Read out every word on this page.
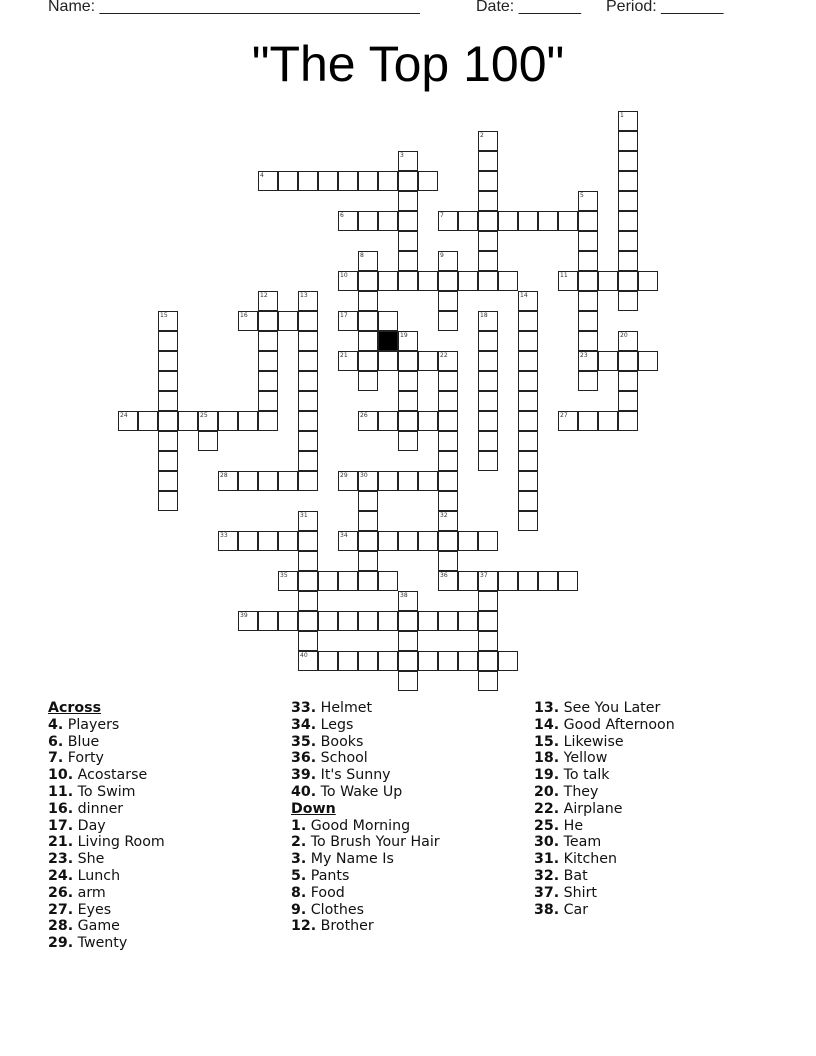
Name: ____________________________________	Date: _______ Period: _______
"The Top 100"
1
2
3
4
5
6	7
8	9
10	11
12	13	14
15	16	17	18
19	20
21	22	23
24	25	26	27
28	29 30
31	32
33	34
35	36	37
38
39
40
Across
4. Players
6. Blue
7. Forty
10. Acostarse
11. To Swim
16. dinner
17. Day
21. Living Room
23. She
24. Lunch
26. arm
27. Eyes
28. Game
29. Twenty
33. Helmet
34. Legs
35. Books
36. School
39. It's Sunny
40. To Wake Up
Down
1. Good Morning
2. To Brush Your Hair
3. My Name Is
5. Pants
8. Food
9. Clothes
12. Brother
13. See You Later
14. Good Afternoon
15. Likewise
18. Yellow
19. To talk
20. They
22. Airplane
25. He
30. Team
31. Kitchen
32. Bat
37. Shirt
38. Car
